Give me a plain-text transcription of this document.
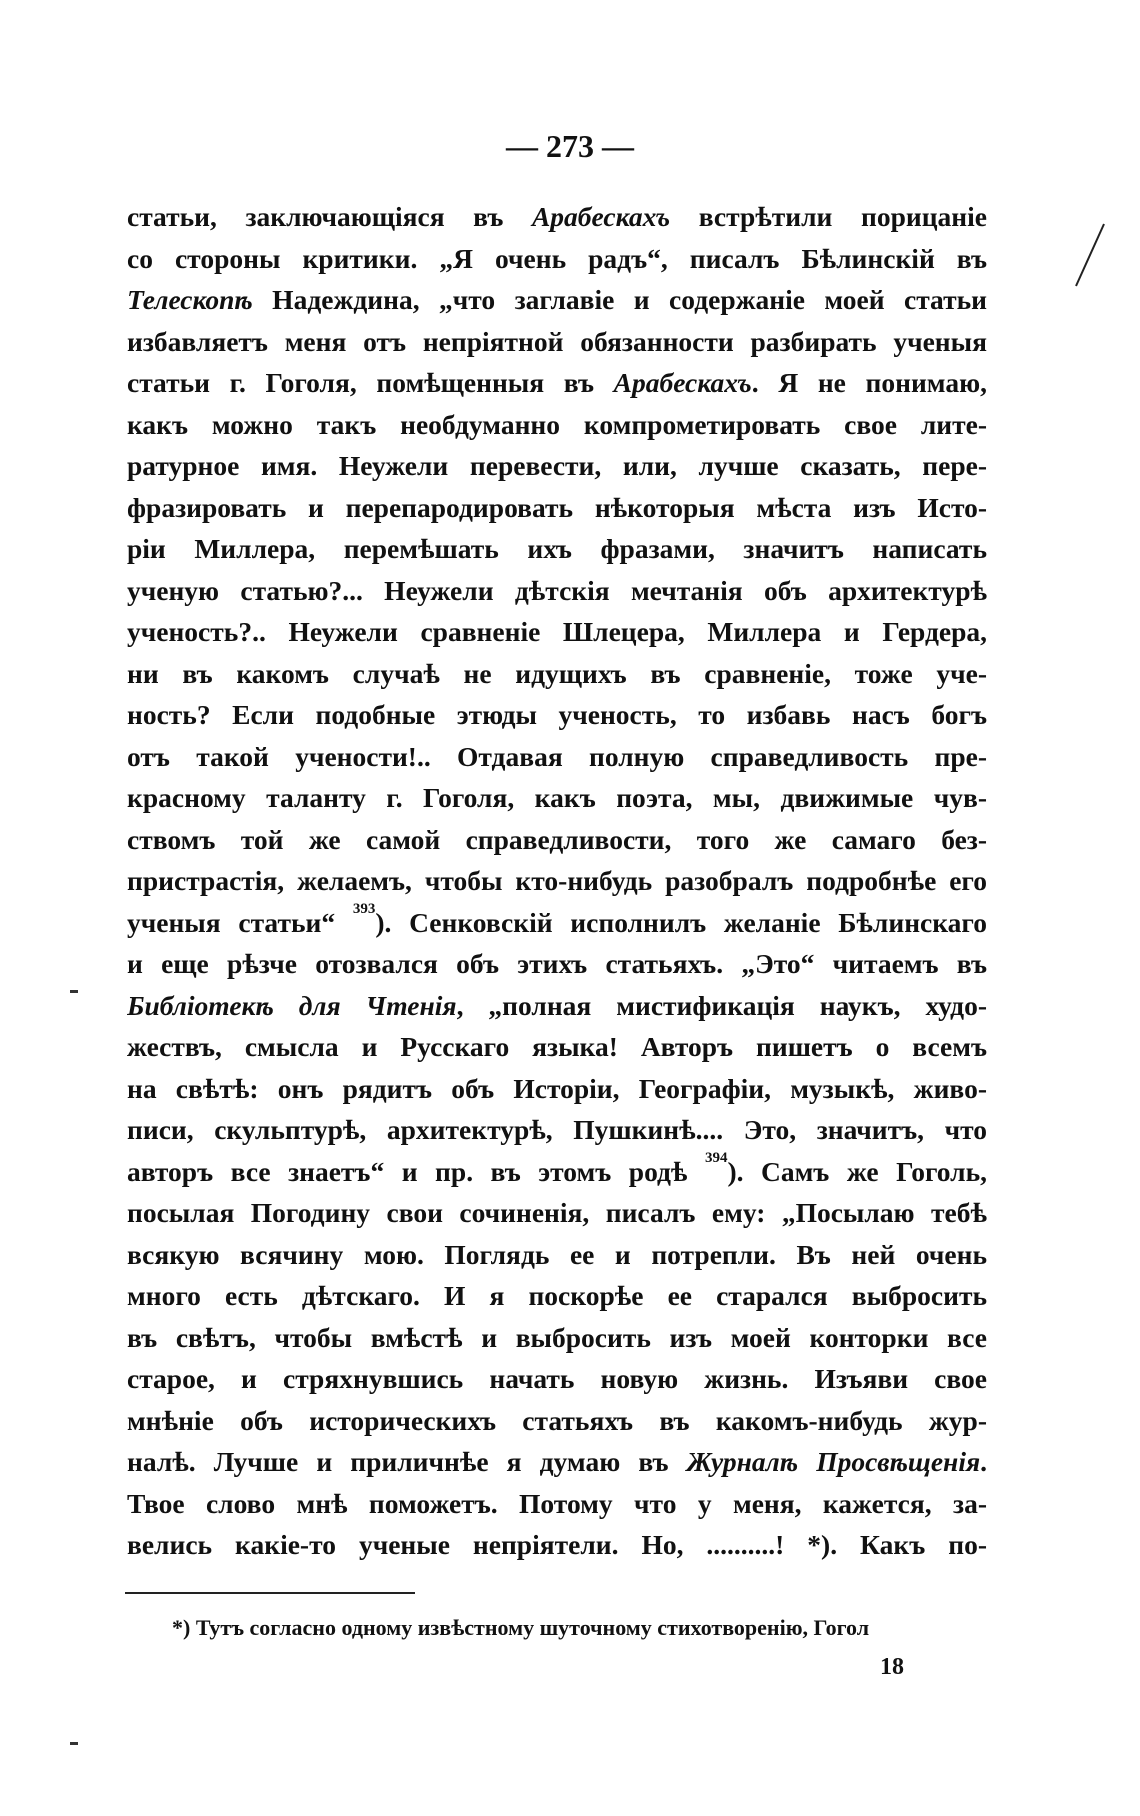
— 273 —
статьи, заключающіяся въ Арабескахъ встрѣтили порицаніе
со стороны критики. „Я очень радъ“, писалъ Бѣлинскій въ
Телескопѣ Надеждина, „что заглавіе и содержаніе моей статьи
избавляетъ меня отъ непріятной обязанности разбирать ученыя
статьи г. Гоголя, помѣщенныя въ Арабескахъ. Я не понимаю,
какъ можно такъ необдуманно компрометировать свое лите-
ратурное имя. Неужели перевести, или, лучше сказать, пере-
фразировать и перепародировать нѣкоторыя мѣста изъ Исто-
ріи Миллера, перемѣшать ихъ фразами, значитъ написать
ученую статью?... Неужели дѣтскія мечтанія объ архитектурѣ
ученость?.. Неужели сравненіе Шлецера, Миллера и Гердера,
ни въ какомъ случаѣ не идущихъ въ сравненіе, тоже уче-
ность? Если подобные этюды ученость, то избавь насъ богъ
отъ такой учености!.. Отдавая полную справедливость пре-
красному таланту г. Гоголя, какъ поэта, мы, движимые чув-
ствомъ той же самой справедливости, того же самаго без-
пристрастія, желаемъ, чтобы кто-нибудь разобралъ подробнѣе его
ученыя статьи“ $^{393}$). Сенковскій исполнилъ желаніе Бѣлинскаго
и еще рѣзче отозвался объ этихъ статьяхъ. „Это“ читаемъ въ
Библіотекѣ для Чтенія, „полная мистификація наукъ, худо-
жествъ, смысла и Русскаго языка! Авторъ пишетъ о всемъ
на свѣтѣ: онъ рядитъ объ Исторіи, Географіи, музыкѣ, живо-
писи, скульптурѣ, архитектурѣ, Пушкинѣ.... Это, значитъ, что
авторъ все знаетъ“ и пр. въ этомъ родѣ $^{394}$). Самъ же Гоголь,
посылая Погодину свои сочиненія, писалъ ему: „Посылаю тебѣ
всякую всячину мою. Поглядь ее и потрепли. Въ ней очень
много есть дѣтскаго. И я поскорѣе ее старался выбросить
въ свѣтъ, чтобы вмѣстѣ и выбросить изъ моей конторки все
старое, и стряхнувшись начать новую жизнь. Изъяви свое
мнѣніе объ историческихъ статьяхъ въ какомъ-нибудь жур-
налѣ. Лучше и приличнѣе я думаю въ Журналѣ Просвѣщенія.
Твое слово мнѣ поможетъ. Потому что у меня, кажется, за-
велись какіе-то ученые непріятели. Но, ..........! *). Какъ по-
*) Тутъ согласно одному извѣстному шуточному стихотворенію, Гогол
18
